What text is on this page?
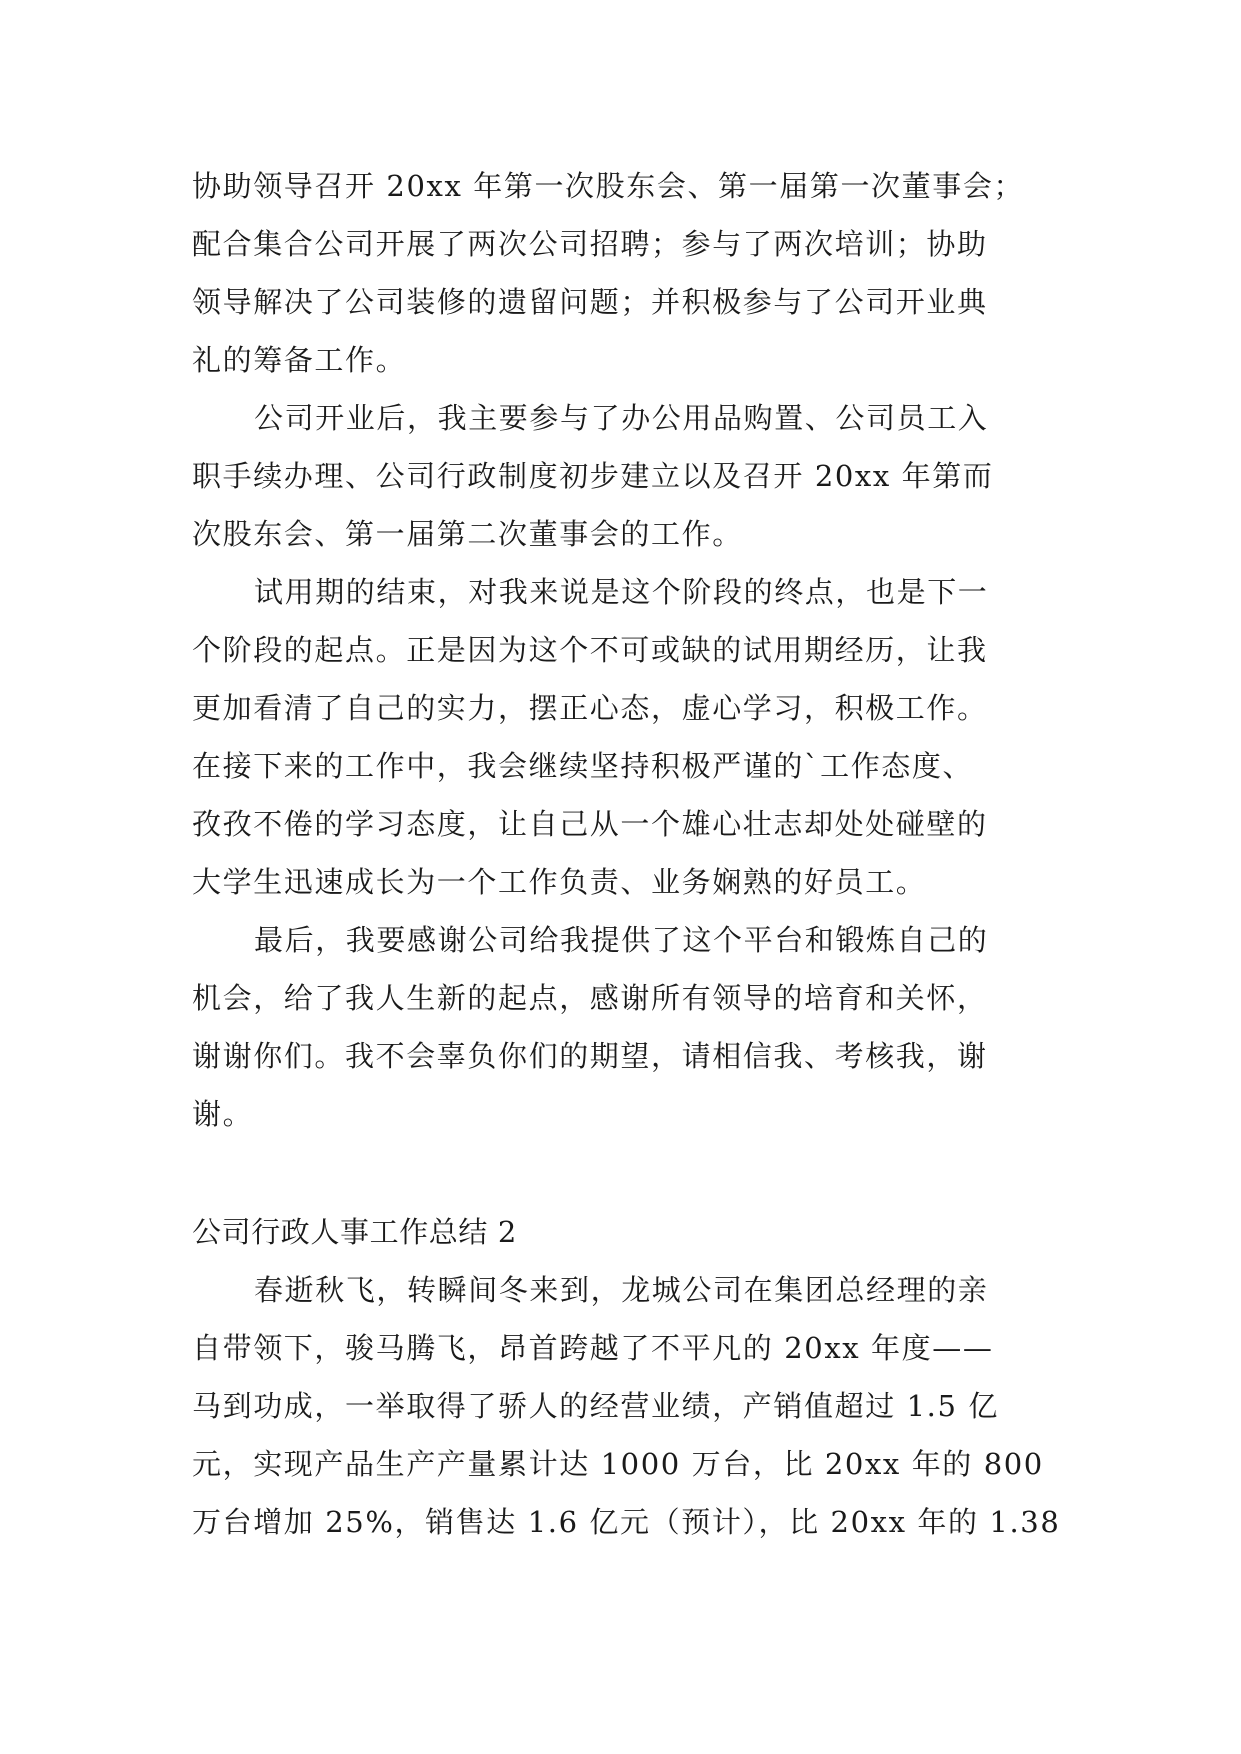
协助领导召开 20xx 年第一次股东会、第一届第一次董事会；
配合集合公司开展了两次公司招聘；参与了两次培训；协助
领导解决了公司装修的遗留问题；并积极参与了公司开业典
礼的筹备工作。
公司开业后，我主要参与了办公用品购置、公司员工入
职手续办理、公司行政制度初步建立以及召开 20xx 年第而
次股东会、第一届第二次董事会的工作。
试用期的结束，对我来说是这个阶段的终点，也是下一
个阶段的起点。正是因为这个不可或缺的试用期经历，让我
更加看清了自己的实力，摆正心态，虚心学习，积极工作。
在接下来的工作中，我会继续坚持积极严谨的`工作态度、
孜孜不倦的学习态度，让自己从一个雄心壮志却处处碰壁的
大学生迅速成长为一个工作负责、业务娴熟的好员工。
最后，我要感谢公司给我提供了这个平台和锻炼自己的
机会，给了我人生新的起点，感谢所有领导的培育和关怀，
谢谢你们。我不会辜负你们的期望，请相信我、考核我，谢
谢。
公司行政人事工作总结 2
春逝秋飞，转瞬间冬来到，龙城公司在集团总经理的亲
自带领下，骏马腾飞，昂首跨越了不平凡的 20xx 年度——
马到功成，一举取得了骄人的经营业绩，产销值超过 1.5 亿
元，实现产品生产产量累计达 1000 万台，比 20xx 年的 800
万台增加 25%，销售达 1.6 亿元（预计），比 20xx 年的 1.38
